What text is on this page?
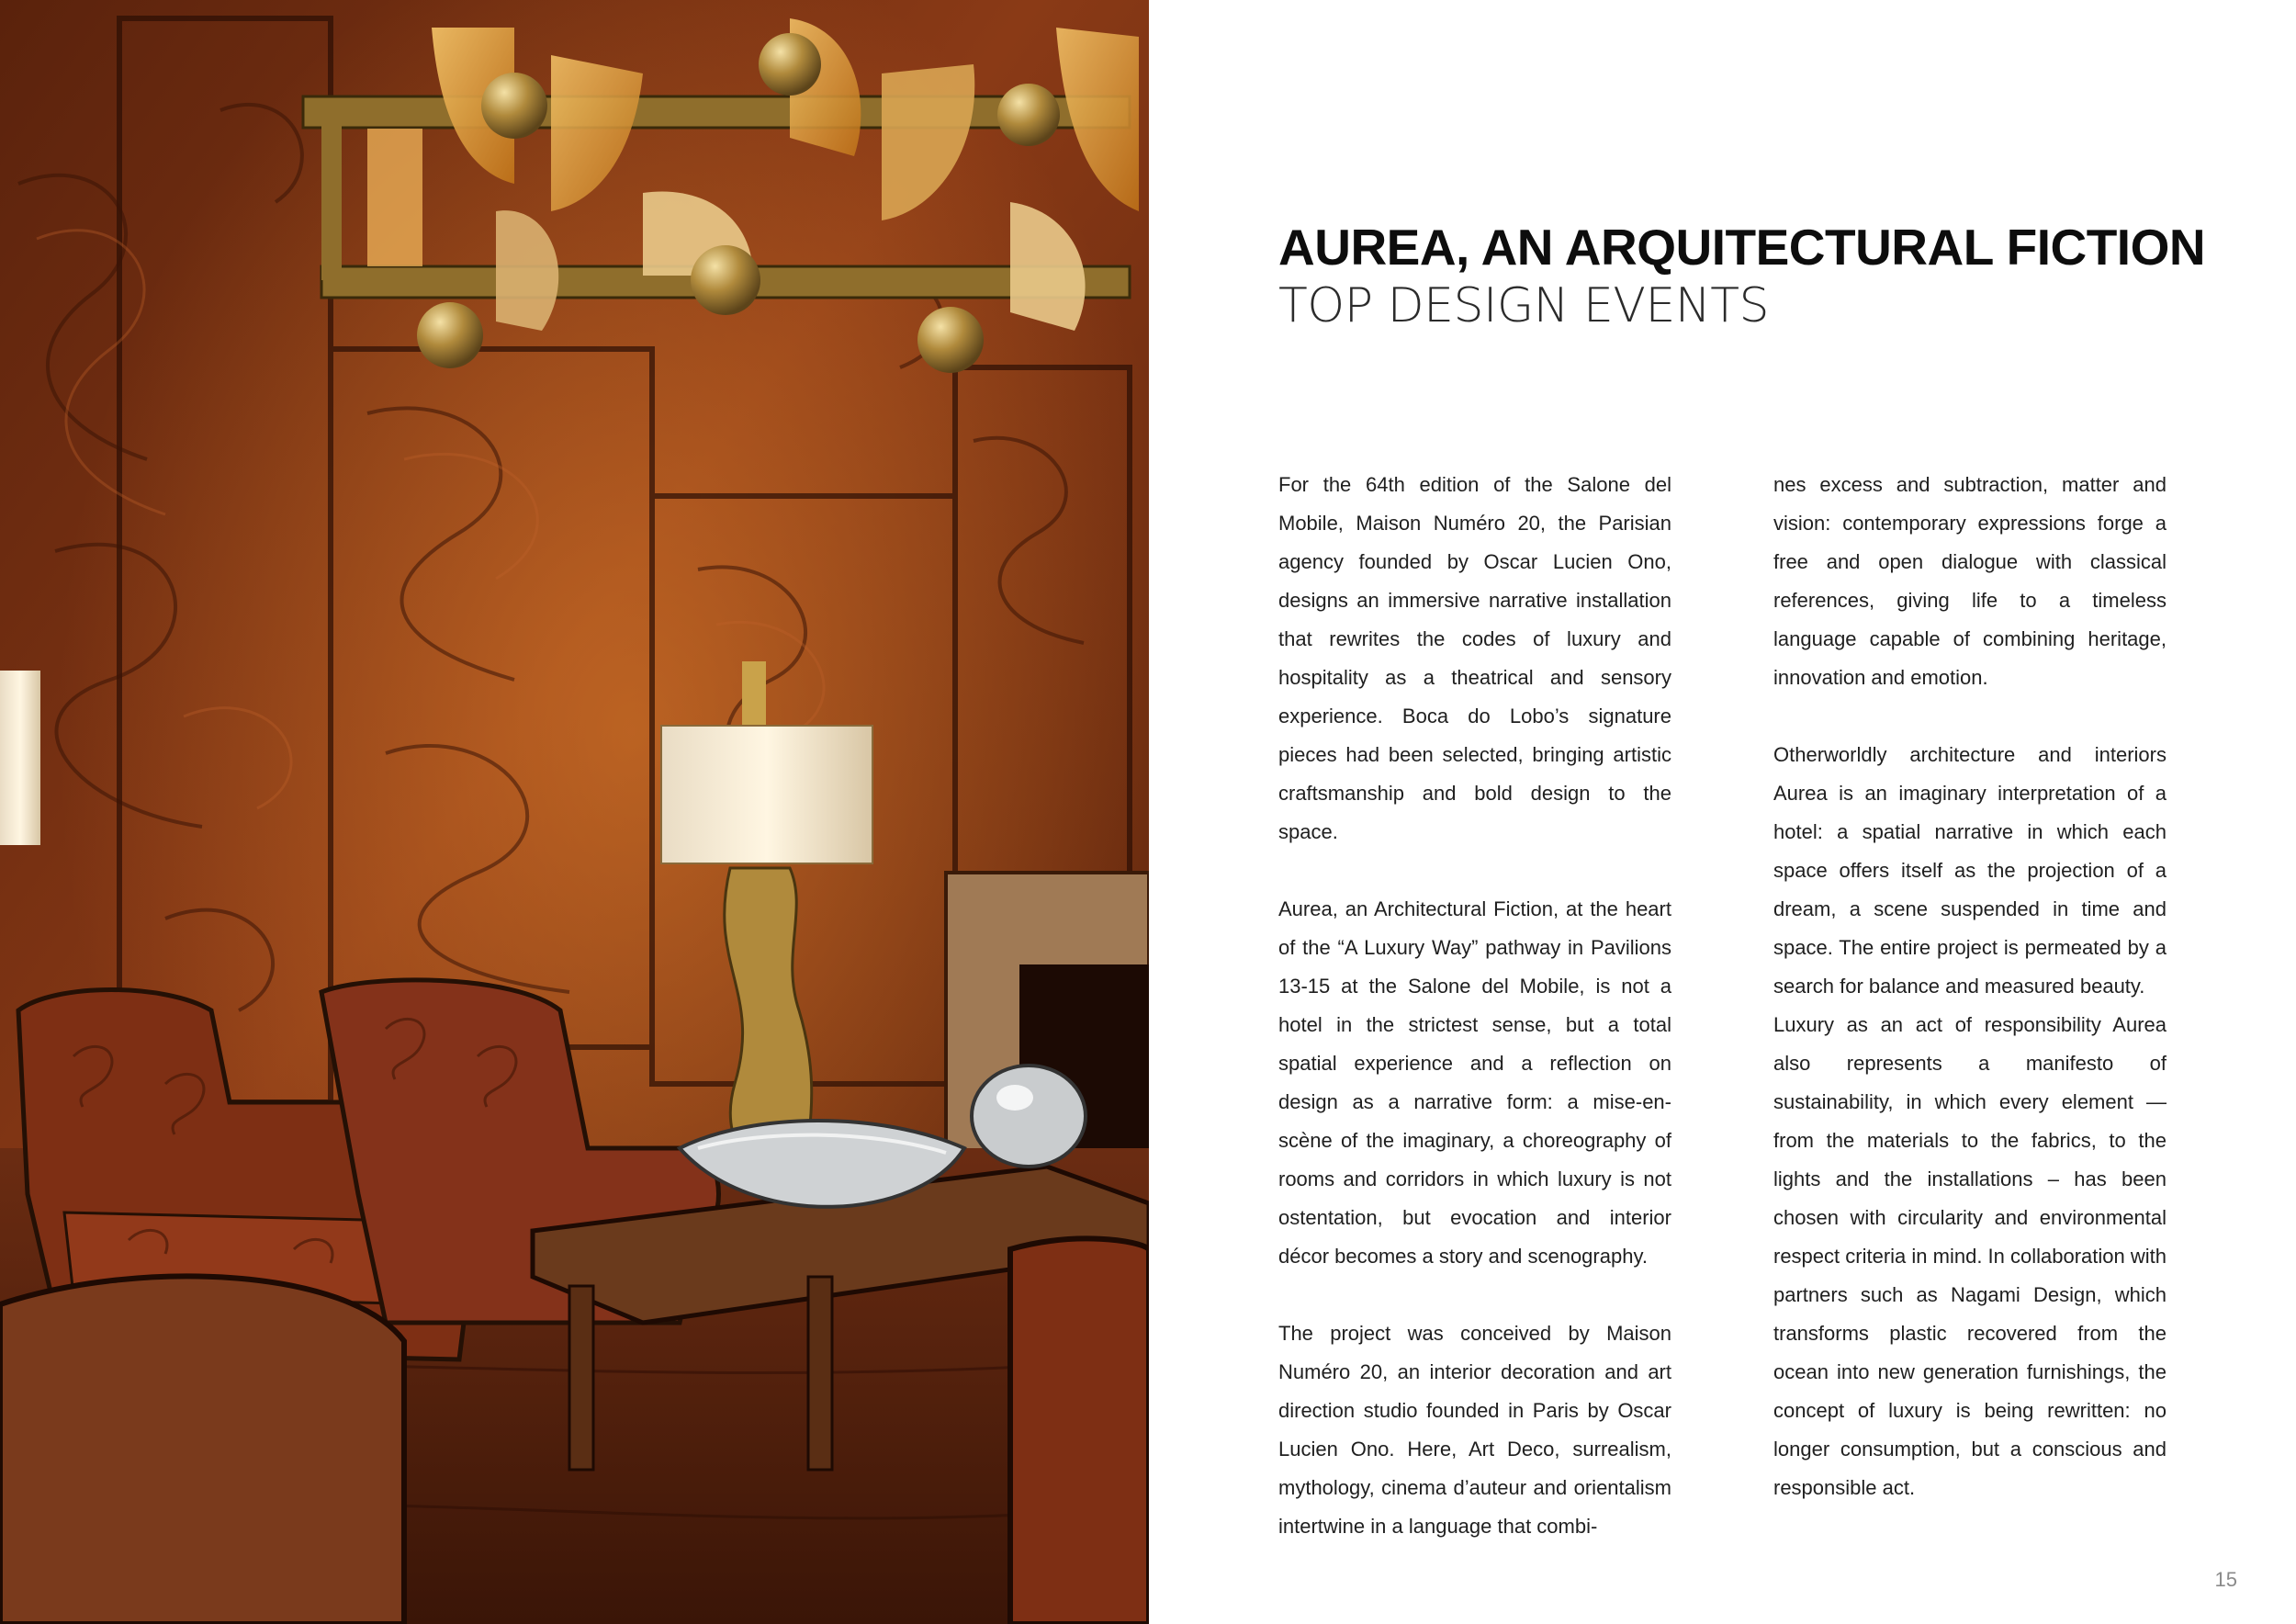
AUREA, AN ARQUITECTURAL FICTION
TOP DESIGN EVENTS

For the 64th edition of the Salone del Mobile, Maison Numéro 20, the Parisian agency founded by Oscar Lucien Ono, designs an immersive narrative installation that rewrites the codes of luxury and hospitality as a theatrical and sensory experience. Boca do Lobo’s signature pieces had been selected, bringing artistic craftsmanship and bold design to the space.

Aurea, an Architectural Fiction, at the heart of the “A Luxury Way” pathway in Pavilions 13-15 at the Salone del Mobile, is not a hotel in the strictest sense, but a total spatial experience and a reflection on design as a narrative form: a mise-en-scène of the imaginary, a choreography of rooms and corridors in which luxury is not ostentation, but evocation and interior décor becomes a story and scenography.

The project was conceived by Maison Numéro 20, an interior decoration and art direction studio founded in Paris by Oscar Lucien Ono. Here, Art Deco, surrealism, mythology, cinema d’auteur and orientalism intertwine in a language that combi-

nes excess and subtraction, matter and vision: contemporary expressions forge a free and open dialogue with classical references, giving life to a timeless language capable of combining heritage, innovation and emotion.

Otherworldly architecture and interiors Aurea is an imaginary interpretation of a hotel: a spatial narrative in which each space offers itself as the projection of a dream, a scene suspended in time and space. The entire project is permeated by a search for balance and measured beauty.

Luxury as an act of responsibility Aurea also represents a manifesto of sustainability, in which every element — from the materials to the fabrics, to the lights and the installations – has been chosen with circularity and environmental respect criteria in mind. In collaboration with partners such as Nagami Design, which transforms plastic recovered from the ocean into new generation furnishings, the concept of luxury is being rewritten: no longer consumption, but a conscious and responsible act.

15
